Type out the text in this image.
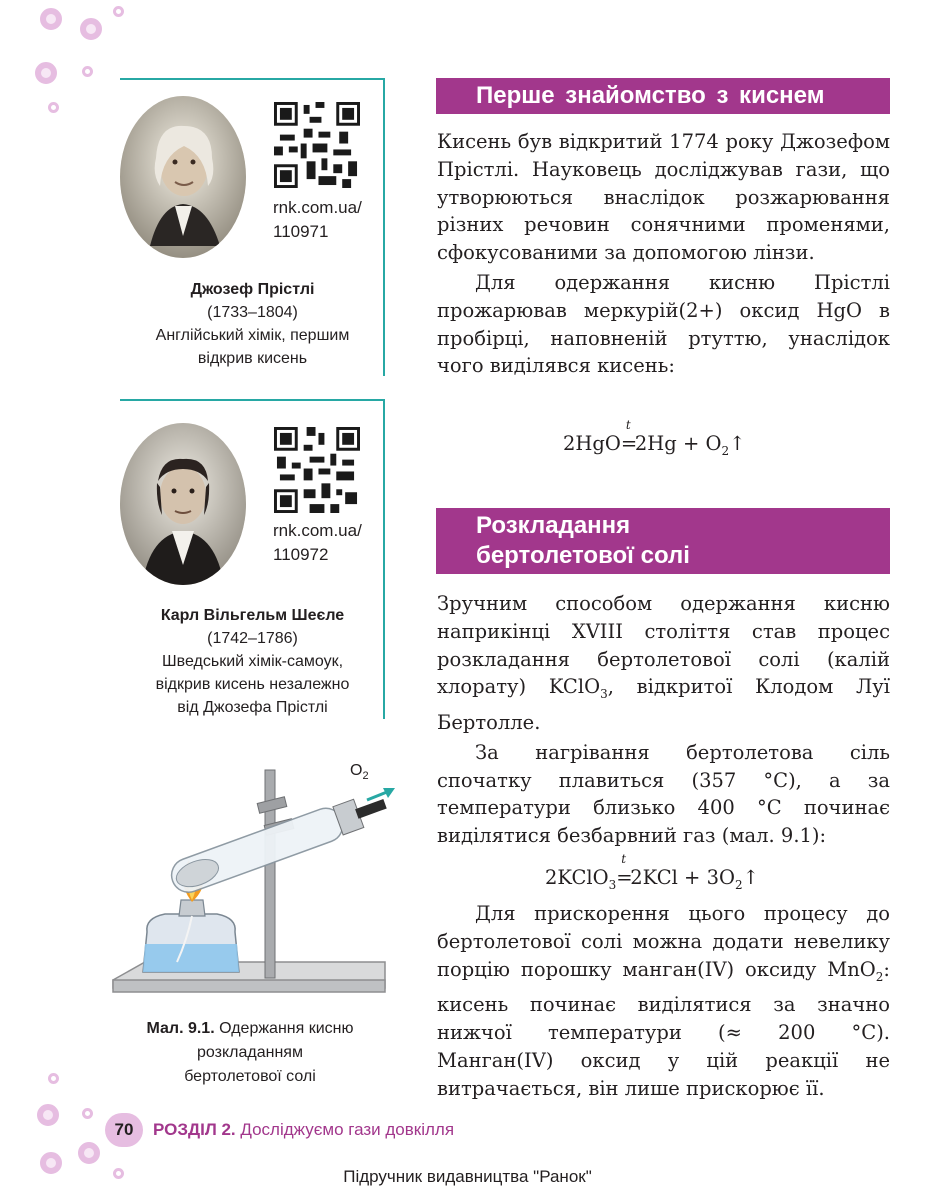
rnk.com.ua/
110971
Джозеф Прістлі
(1733–1804)
Англійський хімік, першим
відкрив кисень
rnk.com.ua/
110972
Карл Вільгельм Шеєле
(1742–1786)
Шведський хімік-самоук,
відкрив кисень незалежно
від Джозефа Прістлі
$O_2$
Мал. 9.1. Одержання кисню
розкладанням
бертолетової солі
Перше знайомство з киснем

Кисень був відкритий 1774 року Джозефом Прістлі. Науковець досліджував гази, що утворюються внаслідок розжарювання різних речовин сонячними променями, сфокусованими за допомогою лінзи.

Для одержання кисню Прістлі прожарював меркурій(2+) оксид HgO в пробірці, наповненій ртуттю, унаслідок чого виділявся кисень:

2HgO=
t
$2Hg + O_2↑$
Розкладання
бертолетової солі

Зручним способом одержання кисню наприкінці XVIII століття став процес розкладання бертолетової солі (калій хлорату) KClO$_3$, відкритої Клодом Луї Бертолле.

За нагрівання бертолетова сіль спочатку плавиться (357 °С), а за температури близько 400 °С починає виділятися безбарвний газ (мал. 9.1):

2KClO$_3$=
t
$2KCl + 3O_2↑$

Для прискорення цього процесу до бертолетової солі можна додати невелику порцію порошку манган(IV) оксиду MnO$_2$: кисень починає виділятися за значно нижчої температури (≈ 200 °С). Манган(IV) оксид у цій реакції не витрачається, він лише прискорює її.

70	РОЗДІЛ 2. Досліджуємо гази довкілля
Підручник видавництва "Ранок"
